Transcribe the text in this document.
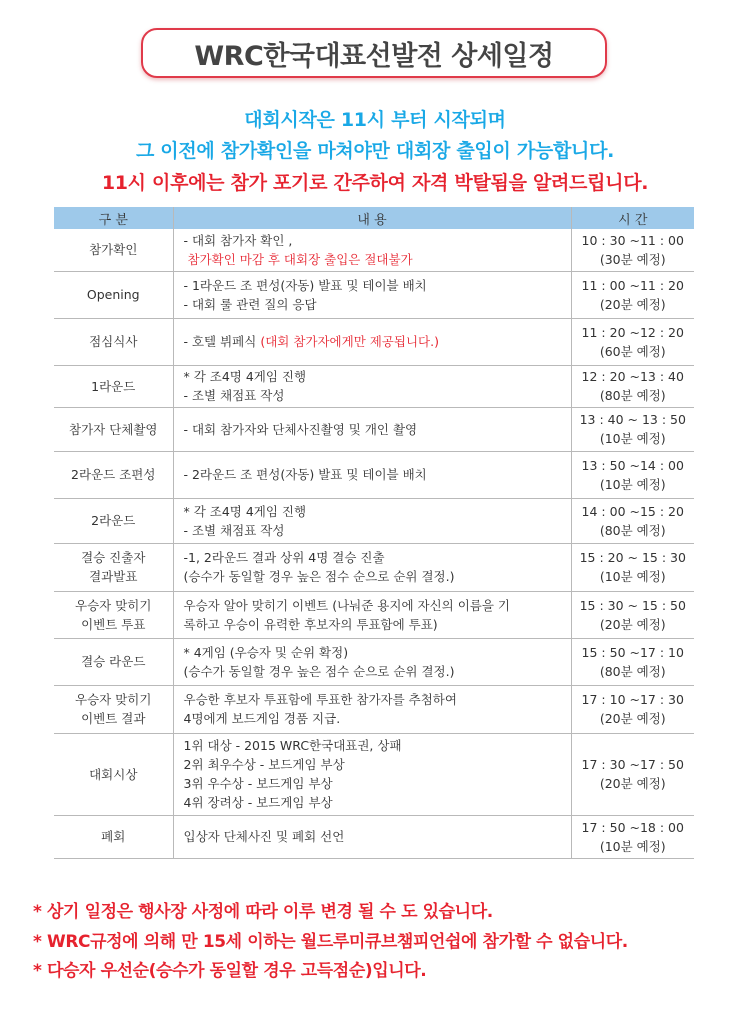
WRC한국대표선발전 상세일정
대회시작은 11시 부터 시작되며
그 이전에 참가확인을 마쳐야만 대회장 출입이 가능합니다.
11시 이후에는 참가 포기로 간주하여 자격 박탈됨을 알려드립니다.
구 분	내 용	시 간

참가확인	- 대회 참가자 확인 ,
참가확인 마감 후 대회장 출입은 절대불가	10 : 30 ~11 : 00
(30분 예정)

Opening	- 1라운드 조 편성(자동) 발표 및 테이블 배치
- 대회 룰 관련 질의 응답	11 : 00 ~11 : 20
(20분 예정)

점심식사	- 호텔 뷔페식 (대회 참가자에게만 제공됩니다.)	11 : 20 ~12 : 20
(60분 예정)

1라운드	* 각 조4명 4게임 진행
- 조별 채점표 작성	12 : 20 ~13 : 40
(80분 예정)

참가자 단체촬영	- 대회 참가자와 단체사진촬영 및 개인 촬영	13 : 40 ~ 13 : 50
(10분 예정)

2라운드 조편성	- 2라운드 조 편성(자동) 발표 및 테이블 배치	13 : 50 ~14 : 00
(10분 예정)

2라운드	* 각 조4명 4게임 진행
- 조별 채점표 작성	14 : 00 ~15 : 20
(80분 예정)

결승 진출자
결과발표	-1, 2라운드 결과 상위 4명 결승 진출
(승수가 동일할 경우 높은 점수 순으로 순위 결정.)	15 : 20 ~ 15 : 30
(10분 예정)

우승자 맞히기
이벤트 투표	우승자 알아 맞히기 이벤트 (나눠준 용지에 자신의 이름을 기
록하고 우승이 유력한 후보자의 투표함에 투표)	15 : 30 ~ 15 : 50
(20분 예정)

결승 라운드	* 4게임 (우승자 및 순위 확정)
(승수가 동일할 경우 높은 점수 순으로 순위 결정.)	15 : 50 ~17 : 10
(80분 예정)

우승자 맞히기
이벤트 결과	우승한 후보자 투표함에 투표한 참가자를 추첨하여
4명에게 보드게임 경품 지급.	17 : 10 ~17 : 30
(20분 예정)

대회시상	1위 대상 - 2015 WRC한국대표권, 상패
2위 최우수상 - 보드게임 부상
3위 우수상 - 보드게임 부상
4위 장려상 - 보드게임 부상	17 : 30 ~17 : 50
(20분 예정)

폐회	입상자 단체사진 및 폐회 선언	17 : 50 ~18 : 00
(10분 예정)
* 상기 일정은 행사장 사정에 따라 이루 변경 될 수 도 있습니다.
* WRC규정에 의해 만 15세 이하는 월드루미큐브챔피언쉽에 참가할 수 없습니다.
* 다승자 우선순(승수가 동일할 경우 고득점순)입니다.
